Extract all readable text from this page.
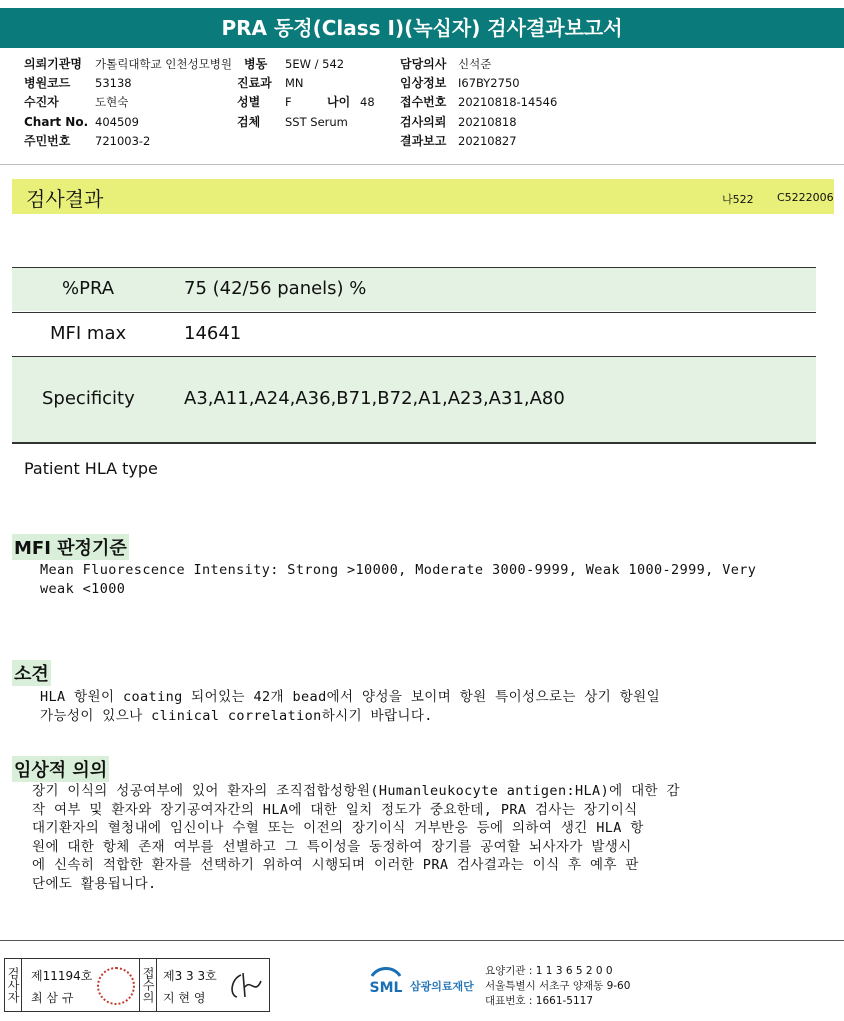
PRA 동정(Class I)(녹십자) 검사결과보고서
의뢰기관명 가톨릭대학교 인천성모병원
병원코드 53138
수진자	도현숙
Chart No. 404509
주민번호 721003-2
병동 5EW / 542
진료과 MN
성별 F	나이 48
검체 SST Serum
담당의사 신석준
임상정보 I67BY2750
접수번호 20210818-14546
검사의뢰 20210818
결과보고 20210827
검사결과	나522 C5222006
%PRA	75 (42/56 panels) %
MFI max	14641
Specificity	A3,A11,A24,A36,B71,B72,A1,A23,A31,A80
Patient HLA type
MFI 판정기준
Mean Fluorescence Intensity: Strong >10000, Moderate 3000-9999, Weak 1000-2999, Very
weak <1000
소견
HLA 항원이 coating 되어있는 42개 bead에서 양성을 보이며 항원 특이성으로는 상기 항원일
가능성이 있으나 clinical correlation하시기 바랍니다.
임상적 의의
장기 이식의 성공여부에 있어 환자의 조직접합성항원(Humanleukocyte antigen:HLA)에 대한 감
작 여부 및 환자와 장기공여자간의 HLA에 대한 일치 정도가 중요한데, PRA 검사는 장기이식
대기환자의 혈청내에 임신이나 수혈 또는 이전의 장기이식 거부반응 등에 의하여 생긴 HLA 항
원에 대한 항체 존재 여부를 선별하고 그 특이성을 동정하여 장기를 공여할 뇌사자가 발생시
에 신속히 적합한 환자를 선택하기 위하여 시행되며 이러한 PRA 검사결과는 이식 후 예후 판
단에도 활용됩니다.
검사자 제11194호
최 삼 규	접수의 제3 3 3호
지 현 영
SML 삼광의료재단
요양기관 : 1 1 3 6 5 2 0 0
서울특별시 서초구 양재동 9-60
대표번호 : 1661-5117
